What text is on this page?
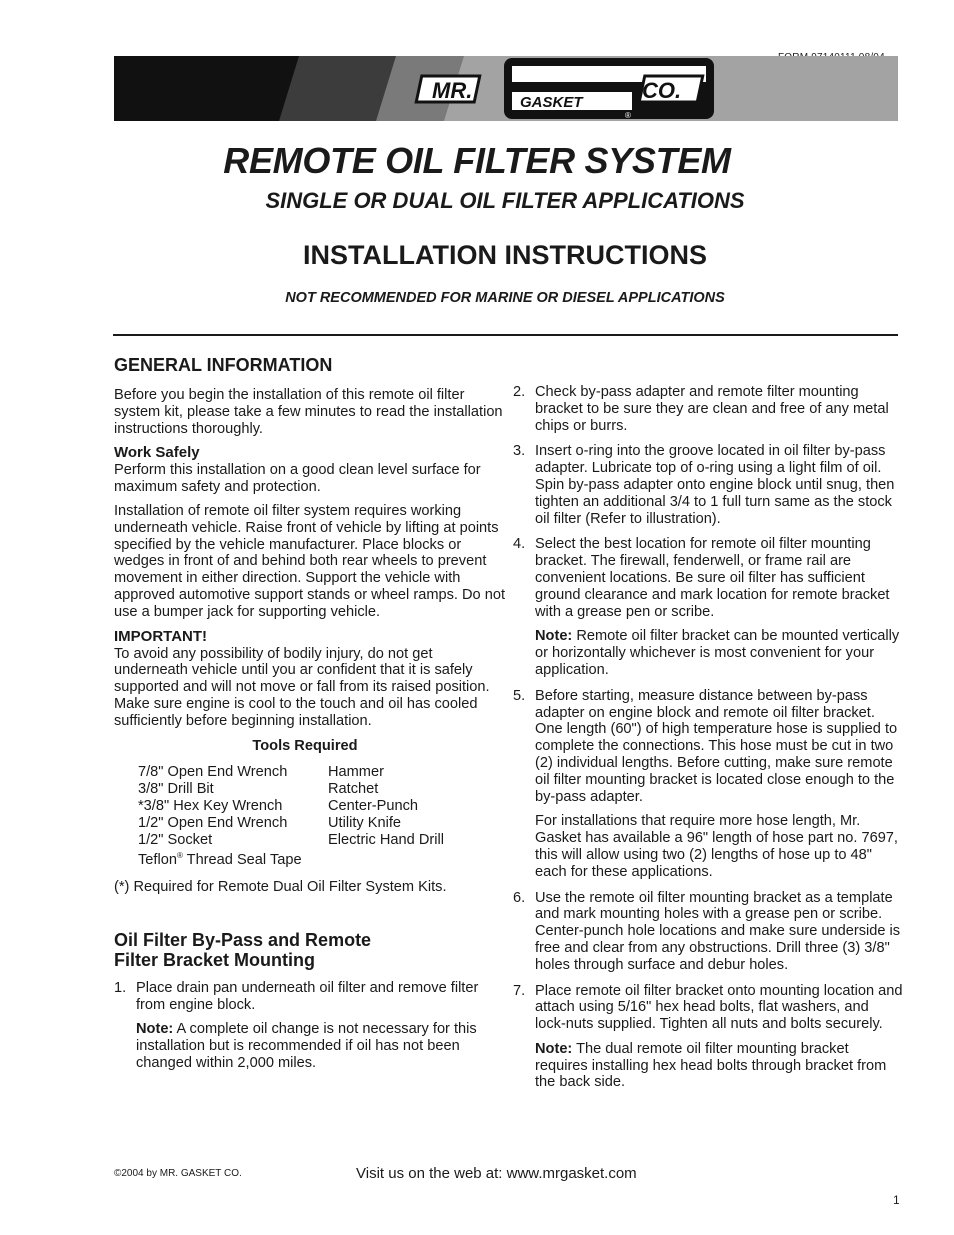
MR.	GASKET	CO.
®
REMOTE OIL FILTER SYSTEM
SINGLE OR DUAL OIL FILTER APPLICATIONS
INSTALLATION INSTRUCTIONS
NOT RECOMMENDED FOR MARINE OR DIESEL APPLICATIONS
GENERAL INFORMATION

Before you begin the installation of this remote oil filter system kit, please take a few minutes to read the installation instructions thoroughly.

Work Safely

Perform this installation on a good clean level surface for maximum safety and protection.

Installation of remote oil filter system requires working underneath vehicle. Raise front of vehicle by lifting at points specified by the vehicle manufacturer. Place blocks or wedges in front of and behind both rear wheels to prevent movement in either direction. Support the vehicle with approved automotive support stands or wheel ramps. Do not use a bumper jack for supporting vehicle.

IMPORTANT!

To avoid any possibility of bodily injury, do not get underneath vehicle until you ar confident that it is safely supported and will not move or fall from its raised position. Make sure engine is cool to the touch and oil has cooled sufficiently before beginning installation.

Tools Required
7/8" Open End Wrench	Hammer
3/8" Drill Bit	Ratchet
*3/8" Hex Key Wrench	Center-Punch
1/2" Open End Wrench	Utility Knife
1/2" Socket	Electric Hand Drill
Teflon® Thread Seal Tape	

(*) Required for Remote Dual Oil Filter System Kits.

Oil Filter By-Pass and Remote
Filter Bracket Mounting
1. Place drain pan underneath oil filter and remove filter from engine block.

Note: A complete oil change is not necessary for this installation but is recommended if oil has not been changed within 2,000 miles.

2. Check by-pass adapter and remote filter mounting bracket to be sure they are clean and free of any metal chips or burrs.

3. Insert o-ring into the groove located in oil filter by-pass adapter. Lubricate top of o-ring using a light film of oil. Spin by-pass adapter onto engine block until snug, then tighten an additional 3/4 to 1 full turn same as the stock oil filter (Refer to illustration).

4. Select the best location for remote oil filter mounting bracket. The firewall, fenderwell, or frame rail are convenient locations. Be sure oil filter has sufficient ground clearance and mark location for remote bracket with a grease pen or scribe.

Note: Remote oil filter bracket can be mounted vertically or horizontally whichever is most convenient for your application.

5. Before starting, measure distance between by-pass adapter on engine block and remote oil filter bracket. One length (60") of high temperature hose is supplied to complete the connections. This hose must be cut in two (2) individual lengths. Before cutting, make sure remote oil filter mounting bracket is located close enough to the by-pass adapter.

For installations that require more hose length, Mr. Gasket has available a 96" length of hose part no. 7697, this will allow using two (2) lengths of hose up to 48" each for these applications.

6. Use the remote oil filter mounting bracket as a template and mark mounting holes with a grease pen or scribe. Center-punch hole locations and make sure underside is free and clear from any obstructions. Drill three (3) 3/8" holes through surface and debur holes.

7. Place remote oil filter bracket onto mounting location and attach using 5/16" hex head bolts, flat washers, and lock-nuts supplied. Tighten all nuts and bolts securely.

Note: The dual remote oil filter mounting bracket requires installing hex head bolts through bracket from the back side.

©2004 by MR. GASKET CO.	Visit us on the web at: www.mrgasket.com
1
